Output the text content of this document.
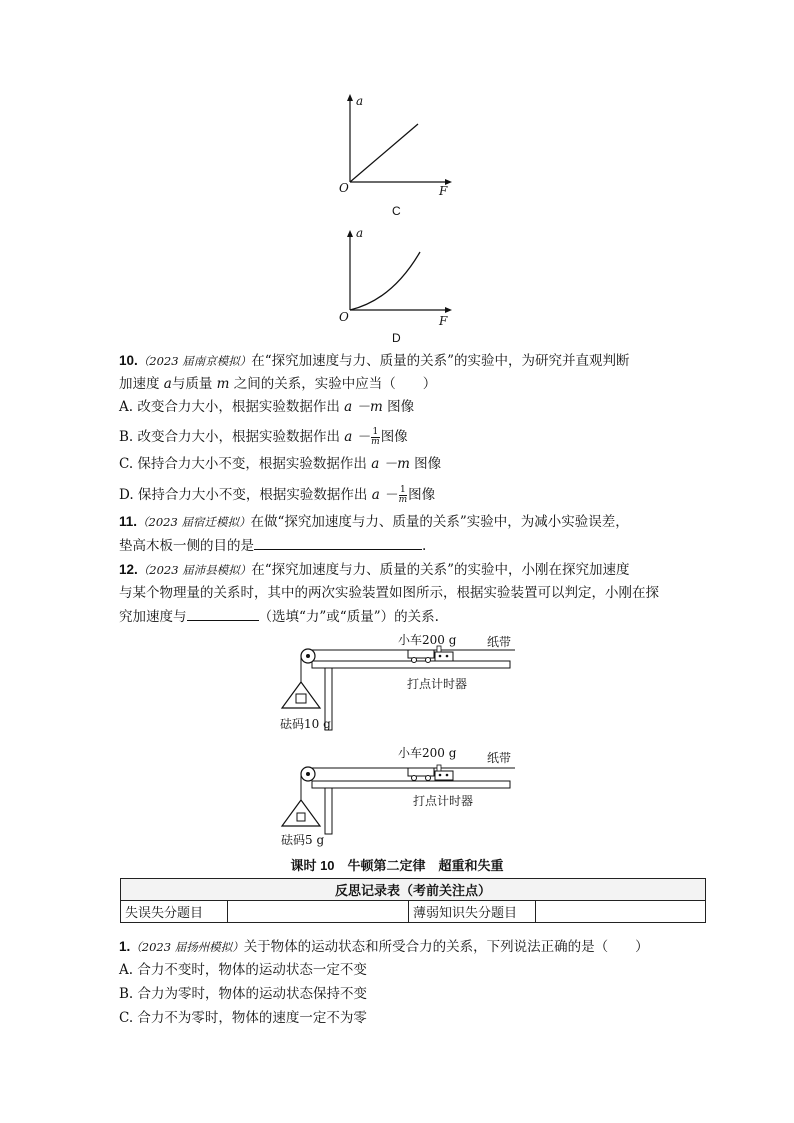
a
F
O
C
a
F
O
D
10.（2023 届南京模拟）在“探究加速度与力、质量的关系”的实验中，为研究并直观判断
加速度 a与质量 m 之间的关系，实验中应当（　　）
A. 改变合力大小，根据实验数据作出 a －m 图像
B. 改变合力大小，根据实验数据作出 $a - \frac{1}{m}$ 图像
C. 保持合力大小不变，根据实验数据作出 a －m 图像
D. 保持合力大小不变，根据实验数据作出 $a - \frac{1}{m}$ 图像
11.（2023 届宿迁模拟）在做“探究加速度与力、质量的关系”实验中，为减小实验误差，
垫高木板一侧的目的是	.
12.（2023 届沛县模拟）在“探究加速度与力、质量的关系”的实验中，小刚在探究加速度
与某个物理量的关系时，其中的两次实验装置如图所示，根据实验装置可以判定，小刚在探
究加速度与	（选填“力”或“质量”）的关系.
小车200 g	纸带
打点计时器
砝码10 g
小车200 g	纸带
打点计时器
砝码5 g
课时 10　牛顿第二定律　超重和失重
反思记录表（考前关注点）
失误失分题目		薄弱知识失分题目	
1.（2023 届扬州模拟）关于物体的运动状态和所受合力的关系，下列说法正确的是（　　）
A. 合力不变时，物体的运动状态一定不变
B. 合力为零时，物体的运动状态保持不变
C. 合力不为零时，物体的速度一定不为零
